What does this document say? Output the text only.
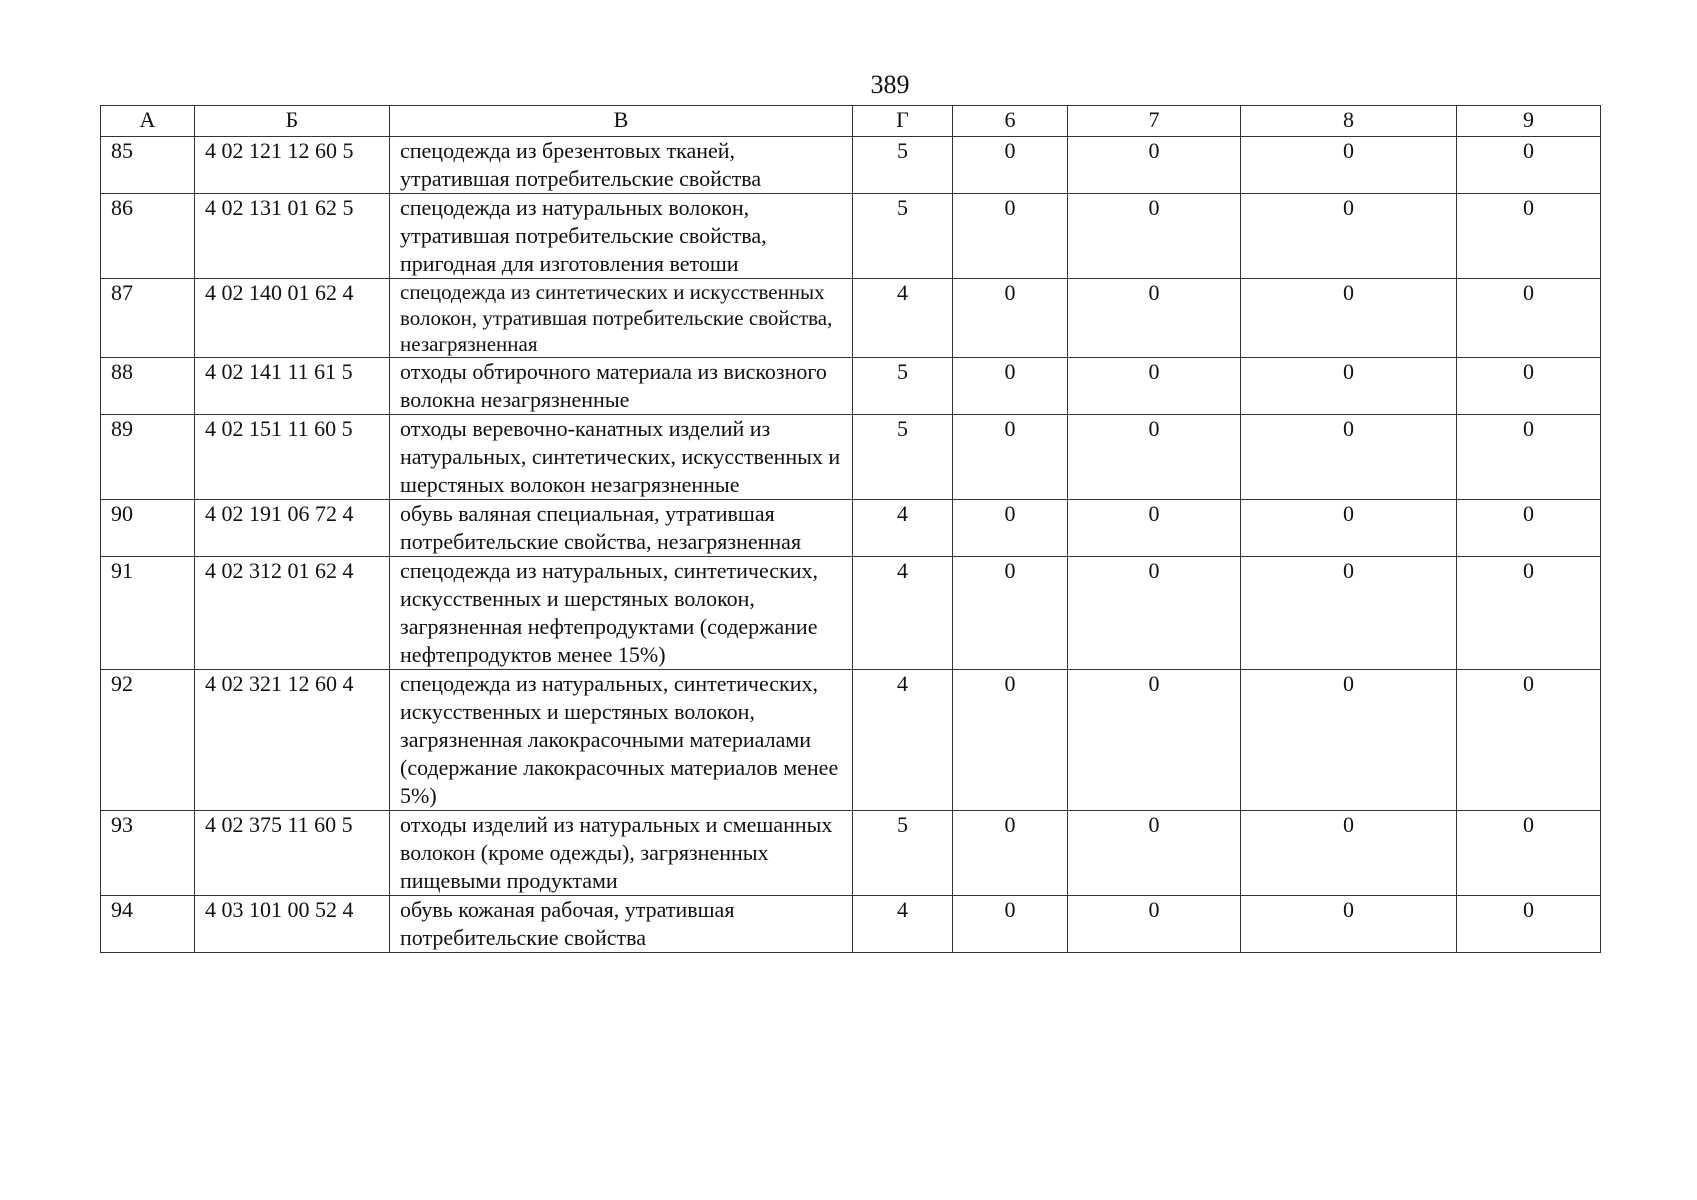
389
А	Б	В	Г	6	7	8	9
85	4 02 121 12 60 5	спецодежда из брезентовых тканей, утратившая потребительские свойства	5	0	0	0	0
86	4 02 131 01 62 5	спецодежда из натуральных волокон, утратившая потребительские свойства, пригодная для изготовления ветоши	5	0	0	0	0
87	4 02 140 01 62 4	спецодежда из синтетических и искусственных волокон, утратившая потребительские свойства, незагрязненная	4	0	0	0	0
88	4 02 141 11 61 5	отходы обтирочного материала из вискозного волокна незагрязненные	5	0	0	0	0
89	4 02 151 11 60 5	отходы веревочно-канатных изделий из натуральных, синтетических, искусственных и шерстяных волокон незагрязненные	5	0	0	0	0
90	4 02 191 06 72 4	обувь валяная специальная, утратившая потребительские свойства, незагрязненная	4	0	0	0	0
91	4 02 312 01 62 4	спецодежда из натуральных, синтетических, искусственных и шерстяных волокон, загрязненная нефтепродуктами (содержание нефтепродуктов менее 15%)	4	0	0	0	0
92	4 02 321 12 60 4	спецодежда из натуральных, синтетических, искусственных и шерстяных волокон, загрязненная лакокрасочными материалами (содержание лакокрасочных материалов менее 5%)	4	0	0	0	0
93	4 02 375 11 60 5	отходы изделий из натуральных и смешанных волокон (кроме одежды), загрязненных пищевыми продуктами	5	0	0	0	0
94	4 03 101 00 52 4	обувь кожаная рабочая, утратившая потребительские свойства	4	0	0	0	0
